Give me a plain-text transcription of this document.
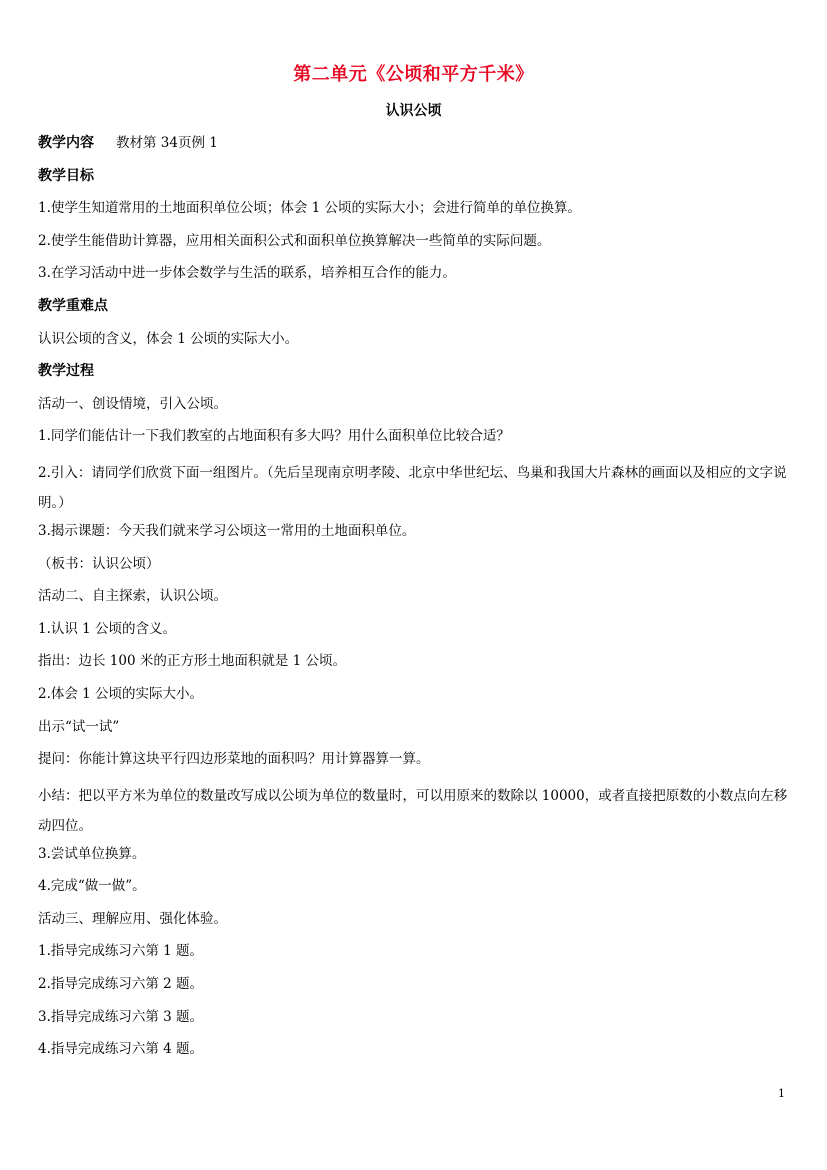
第二单元《公顷和平方千米》
认识公顷
教学内容 教材第 34页例 1
教学目标
1.使学生知道常用的土地面积单位公顷；体会 1 公顷的实际大小；会进行简单的单位换算。
2.使学生能借助计算器，应用相关面积公式和面积单位换算解决一些简单的实际问题。
3.在学习活动中进一步体会数学与生活的联系，培养相互合作的能力。
教学重难点
认识公顷的含义，体会 1 公顷的实际大小。
教学过程
活动一、创设情境，引入公顷。
1.同学们能估计一下我们教室的占地面积有多大吗？用什么面积单位比较合适？
2.引入：请同学们欣赏下面一组图片。（先后呈现南京明孝陵、北京中华世纪坛、鸟巢和我国大片森林的画面以及相应的文字说明。）
3.揭示课题：今天我们就来学习公顷这一常用的土地面积单位。
（板书：认识公顷）
活动二、自主探索，认识公顷。
1.认识 1 公顷的含义。
指出：边长 100 米的正方形土地面积就是 1 公顷。
2.体会 1 公顷的实际大小。
出示“试一试”
提问：你能计算这块平行四边形菜地的面积吗？用计算器算一算。
小结：把以平方米为单位的数量改写成以公顷为单位的数量时，可以用原来的数除以 10000，或者直接把原数的小数点向左移动四位。
3.尝试单位换算。
4.完成“做一做”。
活动三、理解应用、强化体验。
1.指导完成练习六第 1 题。
2.指导完成练习六第 2 题。
3.指导完成练习六第 3 题。
4.指导完成练习六第 4 题。
1
